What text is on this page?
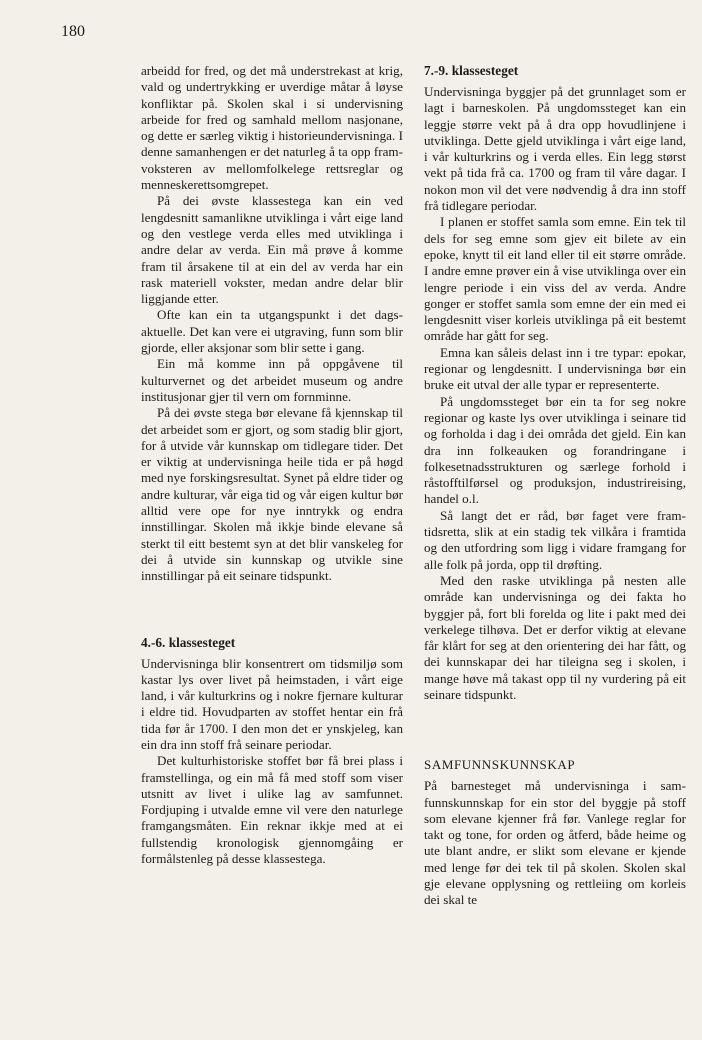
180

arbeidd for fred, og det må understrekast at krig, vald og undertrykking er uverdige måtar å løyse konfliktar på. Skolen skal i si undervisning arbeide for fred og samhald mellom nasjonane, og dette er særleg viktig i historieundervisninga. I denne samanhengen er det naturleg å ta opp framvoksteren av mellomfolkelege rettsreglar og menneskerettsomgrepet.

På dei øvste klassestega kan ein ved lengdesnitt samanlikne utviklinga i vårt eige land og den vestlege verda elles med utviklinga i andre delar av verda. Ein må prøve å komme fram til årsakene til at ein del av verda har ein rask materiell vokster, medan andre delar blir liggjande etter.

Ofte kan ein ta utgangspunkt i det dagsaktuelle. Det kan vere ei utgraving, funn som blir gjorde, eller aksjonar som blir sette i gang.

Ein må komme inn på oppgåvene til kulturvernet og det arbeidet museum og andre institusjonar gjer til vern om fornminne.

På dei øvste stega bør elevane få kjennskap til det arbeidet som er gjort, og som stadig blir gjort, for å utvide vår kunnskap om tidlegare tider. Det er viktig at undervisninga heile tida er på høgd med nye forskingsresultat. Synet på eldre tider og andre kulturar, vår eiga tid og vår eigen kultur bør alltid vere ope for nye inntrykk og endra innstillingar. Skolen må ikkje binde elevane så sterkt til eitt bestemt syn at det blir vanskeleg for dei å utvide sin kunnskap og utvikle sine innstillingar på eit seinare tidspunkt.

4.-6. klassesteget

Undervisninga blir konsentrert om tidsmiljø som kastar lys over livet på heimstaden, i vårt eige land, i vår kulturkrins og i nokre fjernare kulturar i eldre tid. Hovudparten av stoffet hentar ein frå tida før år 1700. I den mon det er ynskjeleg, kan ein dra inn stoff frå seinare periodar.

Det kulturhistoriske stoffet bør få brei plass i framstellinga, og ein må få med stoff som viser utsnitt av livet i ulike lag av samfunnet. Fordjuping i utvalde emne vil vere den naturlege framgangsmåten. Ein reknar ikkje med at ei fullstendig kronologisk gjennomgåing er formålstenleg på desse klassestega.

7.-9. klassesteget

Undervisninga byggjer på det grunnlaget som er lagt i barneskolen. På ungdomssteget kan ein leggje større vekt på å dra opp hovudlinjene i utviklinga. Dette gjeld utviklinga i vårt eige land, i vår kulturkrins og i verda elles. Ein legg størst vekt på tida frå ca. 1700 og fram til våre dagar. I nokon mon vil det vere nødvendig å dra inn stoff frå tidlegare periodar.

I planen er stoffet samla som emne. Ein tek til dels for seg emne som gjev eit bilete av ein epoke, knytt til eit land eller til eit større område. I andre emne prøver ein å vise utviklinga over ein lengre periode i ein viss del av verda. Andre gonger er stoffet samla som emne der ein med ei lengdesnitt viser korleis utviklinga på eit bestemt område har gått for seg.

Emna kan såleis delast inn i tre typar: epokar, regionar og lengdesnitt. I undervisninga bør ein bruke eit utval der alle typar er representerte.

På ungdomssteget bør ein ta for seg nokre regionar og kaste lys over utviklinga i seinare tid og forholda i dag i dei områda det gjeld. Ein kan dra inn folkeauken og forandringane i folkesetnadsstrukturen og særlege forhold i råstofftilførsel og produksjon, industrireising, handel o.l.

Så langt det er råd, bør faget vere framtidsretta, slik at ein stadig tek vilkåra i framtida og den utfordring som ligg i vidare framgang for alle folk på jorda, opp til drøfting.

Med den raske utviklinga på nesten alle område kan undervisninga og dei fakta ho byggjer på, fort bli forelda og lite i pakt med dei verkelege tilhøva. Det er derfor viktig at elevane får klårt for seg at den orientering dei har fått, og dei kunnskapar dei har tileigna seg i skolen, i mange høve må takast opp til ny vurdering på eit seinare tidspunkt.

SAMFUNNSKUNNSKAP

På barnesteget må undervisninga i samfunnskunnskap for ein stor del byggje på stoff som elevane kjenner frå før. Vanlege reglar for takt og tone, for orden og åtferd, både heime og ute blant andre, er slikt som elevane er kjende med lenge før dei tek til på skolen. Skolen skal gje elevane opplysning og rettleiing om korleis dei skal te
